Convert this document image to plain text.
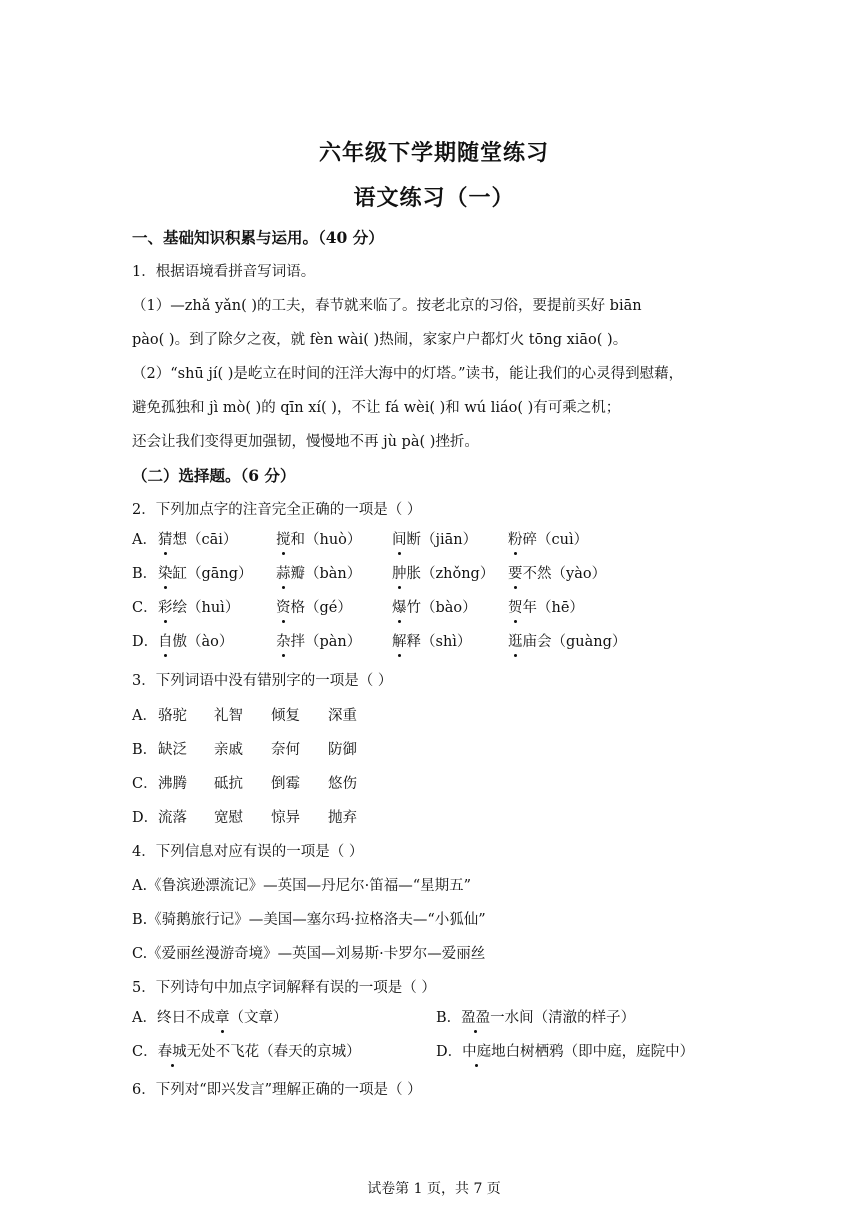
六年级下学期随堂练习
语文练习（一）
一、基础知识积累与运用。（40 分）
1．根据语境看拼音写词语。
（1）—zhǎ yǎn( )的工夫，春节就来临了。按老北京的习俗，要提前买好 biān
pào( )。到了除夕之夜，就 fèn wài( )热闹，家家户户都灯火 tōng xiāo( )。
（2）“shū jí( )是屹立在时间的汪洋大海中的灯塔。”读书，能让我们的心灵得到慰藉，
避免孤独和 jì mò( )的 qīn xí( )，不让 fá wèi( )和 wú liáo( )有可乘之机；
还会让我们变得更加强韧，慢慢地不再 jù pà( )挫折。
（二）选择题。（6 分）
2．下列加点字的注音完全正确的一项是（ ）
A． 猜想（cāi）	搅和（huò） 间断（jiān） 粉碎（cuì）
B． 染缸（gāng） 蒜瓣（bàn） 肿胀（zhǒng） 要不然（yào）
C． 彩绘（huì）	资格（gé）	爆竹（bào） 贺年（hē）
D． 自傲（ào）	杂拌（pàn） 解释（shì）	逛庙会（guàng）
3．下列词语中没有错别字的一项是（ ）
A． 骆驼 礼智 倾复 深重
B． 缺泛 亲戚 奈何 防御
C． 沸腾 砥抗 倒霉 悠伤
D． 流落 宽慰 惊异 抛弃
4．下列信息对应有误的一项是（ ）
A.《鲁滨逊漂流记》—英国—丹尼尔·笛福—“星期五”
B.《骑鹅旅行记》—美国—塞尔玛·拉格洛夫—“小狐仙”
C.《爱丽丝漫游奇境》—英国—刘易斯·卡罗尔—爱丽丝
5．下列诗句中加点字词解释有误的一项是（ ）
A．终日不成章（文章）	B．盈盈一水间（清澈的样子）
C．春城无处不飞花（春天的京城）	D．中庭地白树栖鸦（即中庭，庭院中）
6．下列对“即兴发言”理解正确的一项是（ ）
试卷第 1 页，共 7 页
